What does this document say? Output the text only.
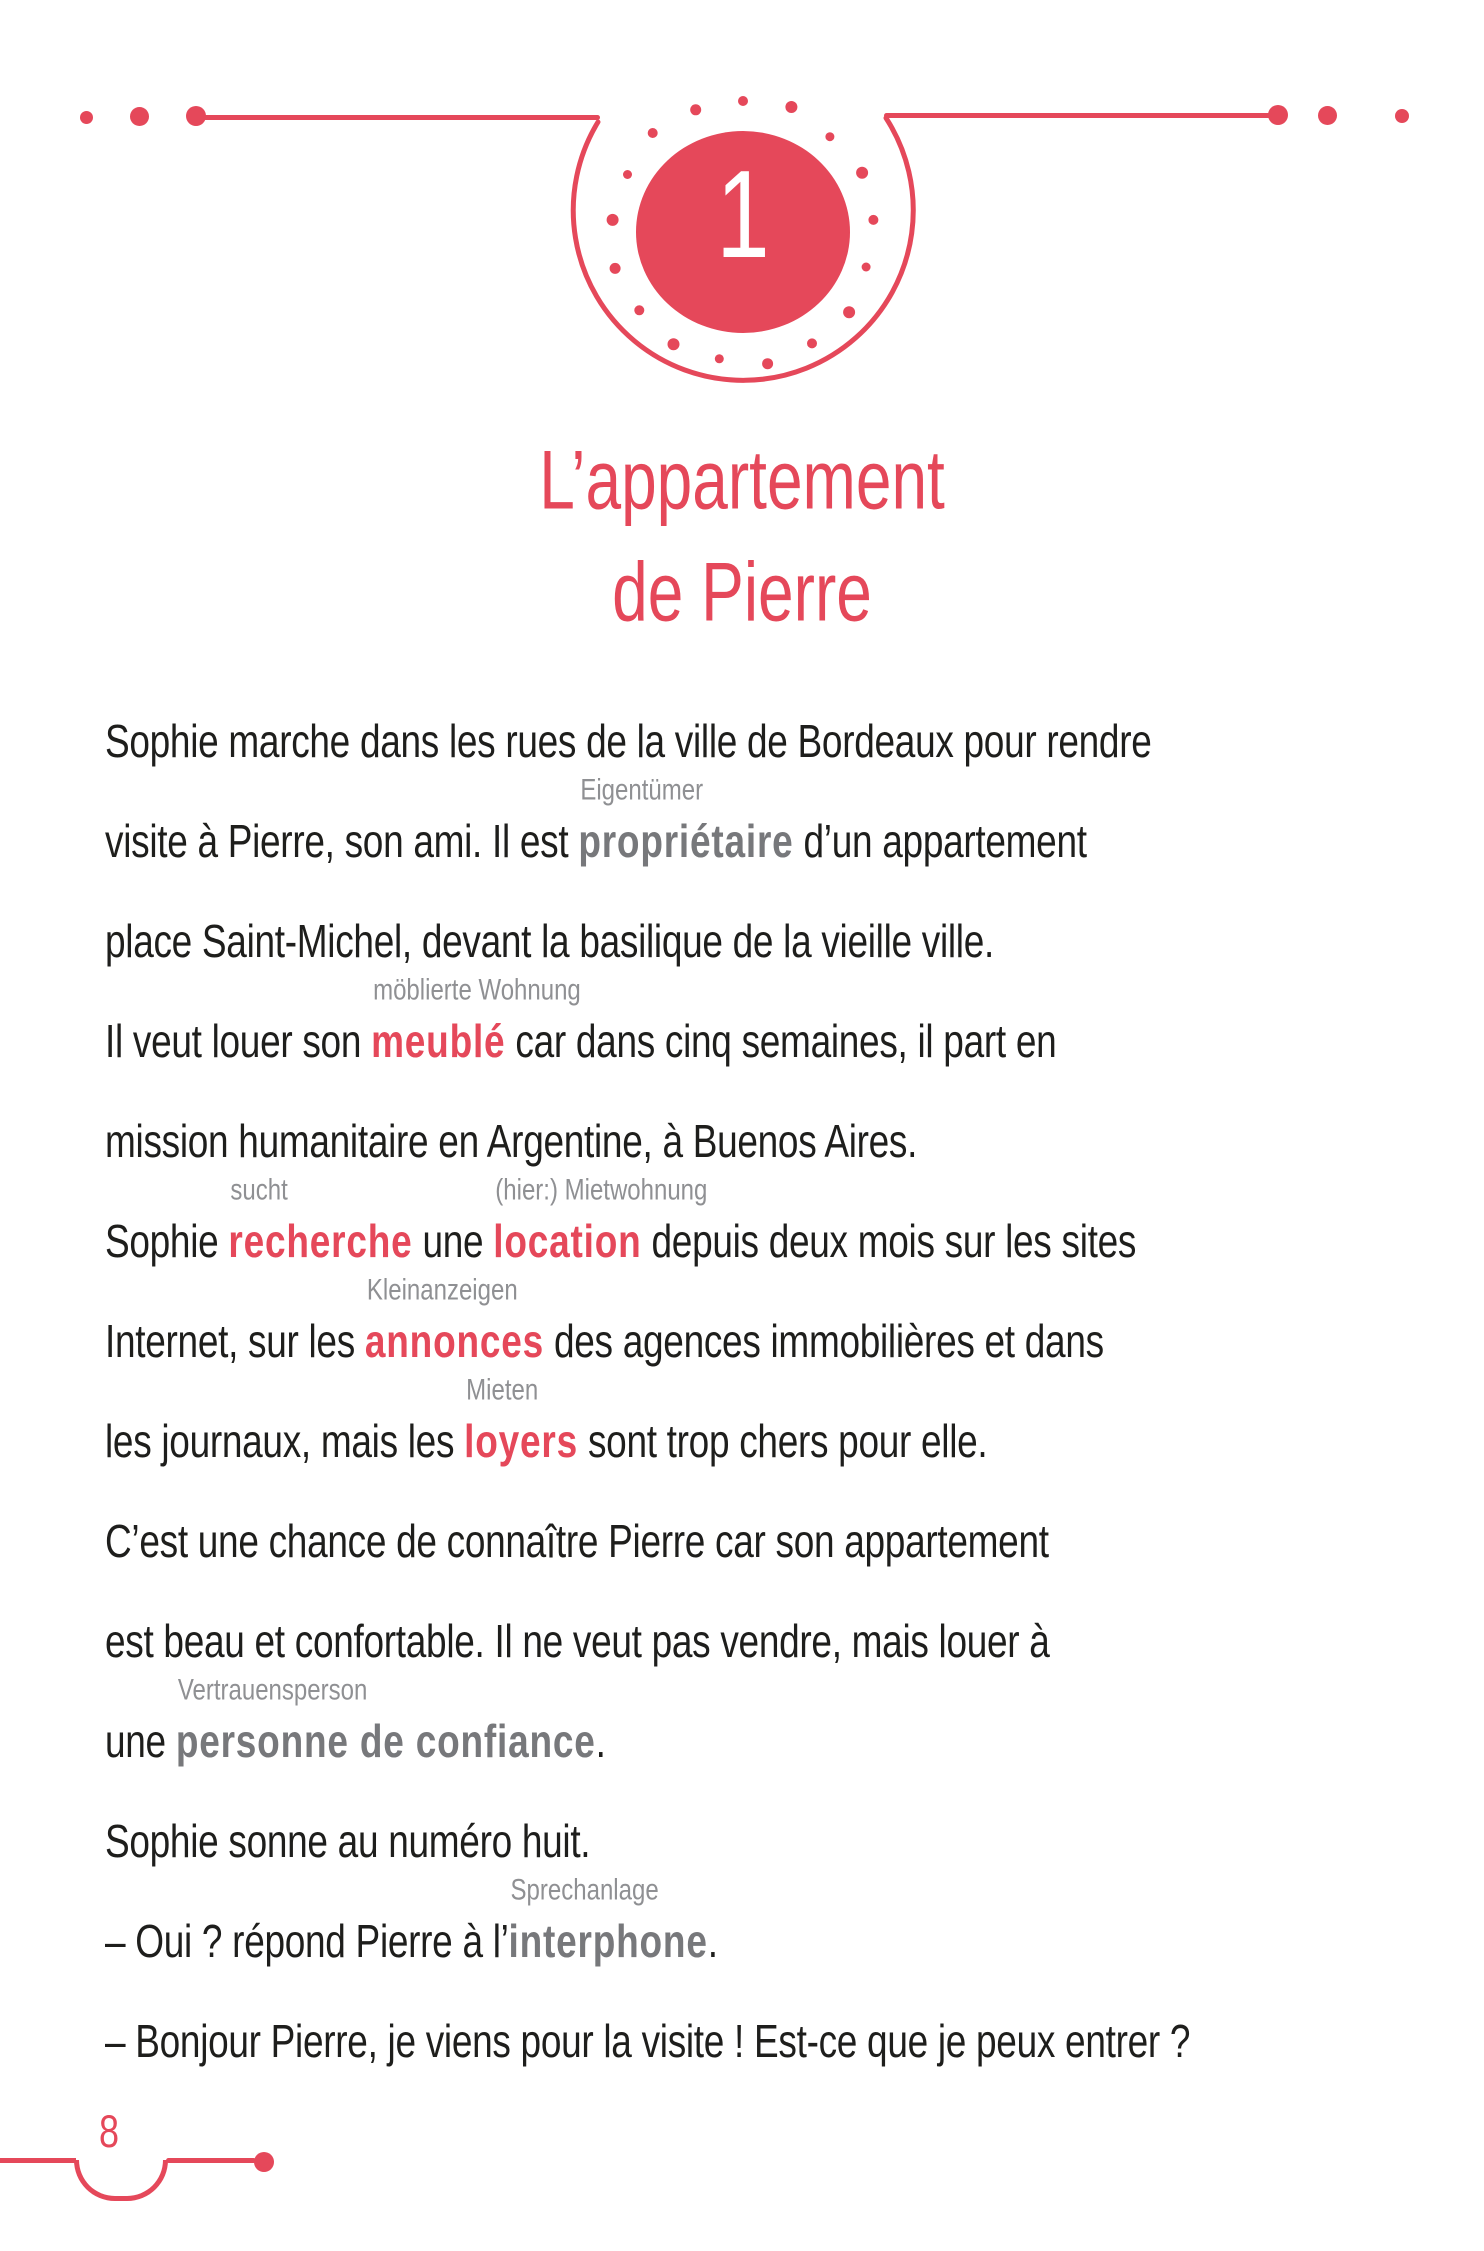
1
L’appartement
de Pierre
Sophie marche dans les rues de la ville de Bordeaux pour rendre
visite à Pierre, son ami. Il est propriétaire
Eigentümer
d’un appartement
place Saint-Michel, devant la basilique de la vieille ville.
Il veut louer son meublé
möblierte Wohnung
car dans cinq semaines, il part en
mission humanitaire en Argentine, à Buenos Aires.
Sophie recherche
sucht
une location
(hier:) Mietwohnung
depuis deux mois sur les sites
Internet, sur les annonces
Kleinanzeigen
des agences immobilières et dans
les journaux, mais les loyers
Mieten
sont trop chers pour elle.
C’est une chance de connaître Pierre car son appartement
est beau et confortable. Il ne veut pas vendre, mais louer à
une personne de confiance
Vertrauensperson
.
Sophie sonne au numéro huit.
– Oui ? répond Pierre à l’interphone
Sprechanlage
.
– Bonjour Pierre, je viens pour la visite ! Est-ce que je peux entrer ?
8
